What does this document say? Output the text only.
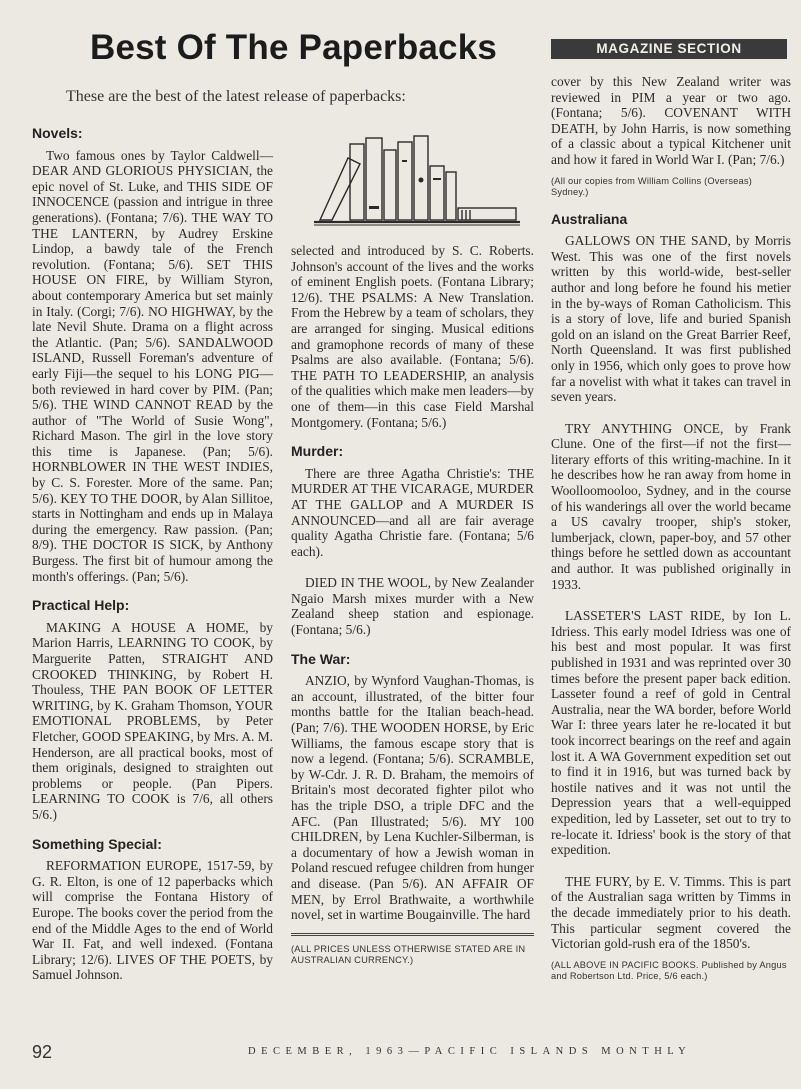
Best Of The Paperbacks	MAGAZINE SECTION
These are the best of the latest release of paperbacks:
Novels:

Two famous ones by Taylor Caldwell—DEAR AND GLORIOUS PHYSICIAN, the epic novel of St. Luke, and THIS SIDE OF INNOCENCE (passion and intrigue in three generations). (Fontana; 7/6). THE WAY TO THE LANTERN, by Audrey Erskine Lindop, a bawdy tale of the French revolution. (Fontana; 5/6). SET THIS HOUSE ON FIRE, by William Styron, about contemporary America but set mainly in Italy. (Corgi; 7/6). NO HIGHWAY, by the late Nevil Shute. Drama on a flight across the Atlantic. (Pan; 5/6). SANDALWOOD ISLAND, Russell Foreman's adventure of early Fiji—the sequel to his LONG PIG—both reviewed in hard cover by PIM. (Pan; 5/6). THE WIND CANNOT READ by the author of "The World of Susie Wong", Richard Mason. The girl in the love story this time is Japanese. (Pan; 5/6). HORNBLOWER IN THE WEST INDIES, by C. S. Forester. More of the same. Pan; 5/6). KEY TO THE DOOR, by Alan Sillitoe, starts in Nottingham and ends up in Malaya during the emergency. Raw passion. (Pan; 8/9). THE DOCTOR IS SICK, by Anthony Burgess. The first bit of humour among the month's offerings. (Pan; 5/6).

Practical Help:

MAKING A HOUSE A HOME, by Marion Harris, LEARNING TO COOK, by Marguerite Patten, STRAIGHT AND CROOKED THINKING, by Robert H. Thouless, THE PAN BOOK OF LETTER WRITING, by K. Graham Thomson, YOUR EMOTIONAL PROBLEMS, by Peter Fletcher, GOOD SPEAKING, by Mrs. A. M. Henderson, are all practical books, most of them originals, designed to straighten out problems or people. (Pan Pipers. LEARNING TO COOK is 7/6, all others 5/6.)

Something Special:

REFORMATION EUROPE, 1517-59, by G. R. Elton, is one of 12 paperbacks which will comprise the Fontana History of Europe. The books cover the period from the end of the Middle Ages to the end of World War II. Fat, and well indexed. (Fontana Library; 12/6). LIVES OF THE POETS, by Samuel Johnson.

selected and introduced by S. C. Roberts. Johnson's account of the lives and the works of eminent English poets. (Fontana Library; 12/6). THE PSALMS: A New Translation. From the Hebrew by a team of scholars, they are arranged for singing. Musical editions and gramophone records of many of these Psalms are also available. (Fontana; 5/6). THE PATH TO LEADERSHIP, an analysis of the qualities which make men leaders—by one of them—in this case Field Marshal Montgomery. (Fontana; 5/6.)

Murder:

There are three Agatha Christie's: THE MURDER AT THE VICARAGE, MURDER AT THE GALLOP and A MURDER IS ANNOUNCED—and all are fair average quality Agatha Christie fare. (Fontana; 5/6 each).

DIED IN THE WOOL, by New Zealander Ngaio Marsh mixes murder with a New Zealand sheep station and espionage. (Fontana; 5/6.)

The War:

ANZIO, by Wynford Vaughan-Thomas, is an account, illustrated, of the bitter four months battle for the Italian beach-head. (Pan; 7/6). THE WOODEN HORSE, by Eric Williams, the famous escape story that is now a legend. (Fontana; 5/6). SCRAMBLE, by W-Cdr. J. R. D. Braham, the memoirs of Britain's most decorated fighter pilot who has the triple DSO, a triple DFC and the AFC. (Pan Illustrated; 5/6). MY 100 CHILDREN, by Lena Kuchler-Silberman, is a documentary of how a Jewish woman in Poland rescued refugee children from hunger and disease. (Pan 5/6). AN AFFAIR OF MEN, by Errol Brathwaite, a worthwhile novel, set in wartime Bougainville. The hard

(ALL PRICES UNLESS OTHERWISE STATED ARE IN AUSTRALIAN CURRENCY.)

cover by this New Zealand writer was reviewed in PIM a year or two ago. (Fontana; 5/6). COVENANT WITH DEATH, by John Harris, is now something of a classic about a typical Kitchener unit and how it fared in World War I. (Pan; 7/6.)

(All our copies from William Collins (Overseas) Sydney.)
Australiana

GALLOWS ON THE SAND, by Morris West. This was one of the first novels written by this world-wide, best-seller author and long before he found his metier in the by-ways of Roman Catholicism. This is a story of love, life and buried Spanish gold on an island on the Great Barrier Reef, North Queensland. It was first published only in 1956, which only goes to prove how far a novelist with what it takes can travel in seven years.

TRY ANYTHING ONCE, by Frank Clune. One of the first—if not the first—literary efforts of this writing-machine. In it he describes how he ran away from home in Woolloomooloo, Sydney, and in the course of his wanderings all over the world became a US cavalry trooper, ship's stoker, lumberjack, clown, paper-boy, and 57 other things before he settled down as accountant and author. It was published originally in 1933.

LASSETER'S LAST RIDE, by Ion L. Idriess. This early model Idriess was one of his best and most popular. It was first published in 1931 and was reprinted over 30 times before the present paper back edition. Lasseter found a reef of gold in Central Australia, near the WA border, before World War I: three years later he re-located it but took incorrect bearings on the reef and again lost it. A WA Government expedition set out to find it in 1916, but was turned back by hostile natives and it was not until the Depression years that a well-equipped expedition, led by Lasseter, set out to try to re-locate it. Idriess' book is the story of that expedition.

THE FURY, by E. V. Timms. This is part of the Australian saga written by Timms in the decade immediately prior to his death. This particular segment covered the Victorian gold-rush era of the 1850's.

(ALL ABOVE IN PACIFIC BOOKS. Published by Angus and Robertson Ltd. Price, 5/6 each.)
92	DECEMBER, 1963—PACIFIC ISLANDS MONTHLY
